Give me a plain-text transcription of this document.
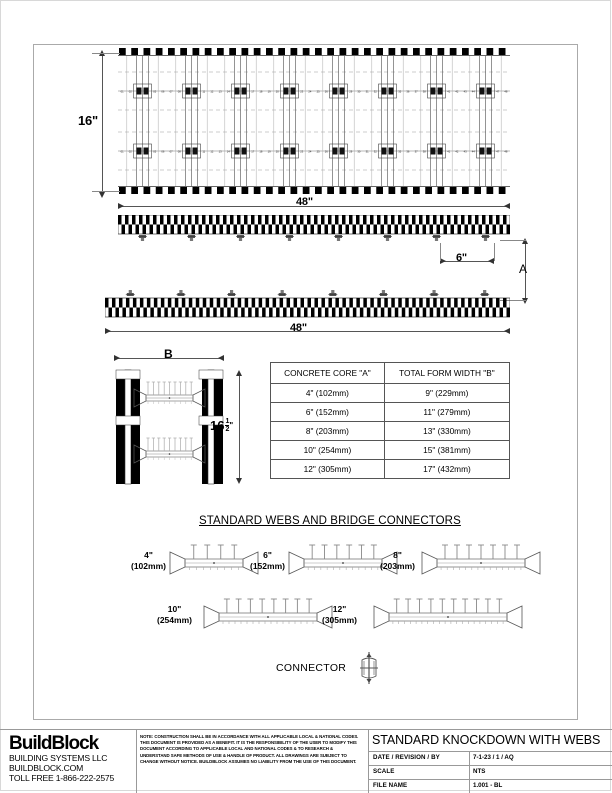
01 02	05 06 07 08	11 12 13 14	17 18 19 20	23 24 25 26	29 30 31 32	35 36 37 38	41 42 43 44	47 48
01 02	05 06 07 08	11 12 13 14	17 18 19 20	23 24 25 26	29 30 31 32	35 36 37 38	41 42 43 44	47 48
16"
48"
6"
A
48"
B
$16 \frac{1}{2}$ "
CONCRETE CORE "A"	TOTAL FORM WIDTH "B"
4" (102mm)	9" (229mm)
6" (152mm)	11" (279mm)
8" (203mm)	13" (330mm)
10" (254mm)	15" (381mm)
12" (305mm)	17" (432mm)
STANDARD WEBS AND BRIDGE CONNECTORS
4"
(102mm)
6"
(152mm)
8"
(203mm)
10"
(254mm)
12"
(305mm)
CONNECTOR
BuildBlock
BUILDING SYSTEMS LLC
BUILDBLOCK.COM
TOLL FREE 1-866-222-2575
NOTE: CONSTRUCTION SHALL BE IN ACCORDANCE WITH ALL APPLICABLE LOCAL & NATIONAL CODES. THIS DOCUMENT IS PROVIDED AS A BENEFIT. IT IS THE RESPONSIBILITY OF THE USER TO MODIFY THIS DOCUMENT ACCORDING TO APPLICABLE LOCAL AND NATIONAL CODES & TO RESEARCH & UNDERSTAND SAFE METHODS OF USE & HANDLE OF PRODUCT. ALL DRAWINGS ARE SUBJECT TO CHANGE WITHOUT NOTICE. BUILDBLOCK ASSUMES NO LIABILITY FROM THE USE OF THIS DOCUMENT.
STANDARD KNOCKDOWN WITH WEBS
DATE / REVISION / BY	7-1-23 / 1 / AQ
SCALE	NTS
FILE NAME	1.001 - BL
